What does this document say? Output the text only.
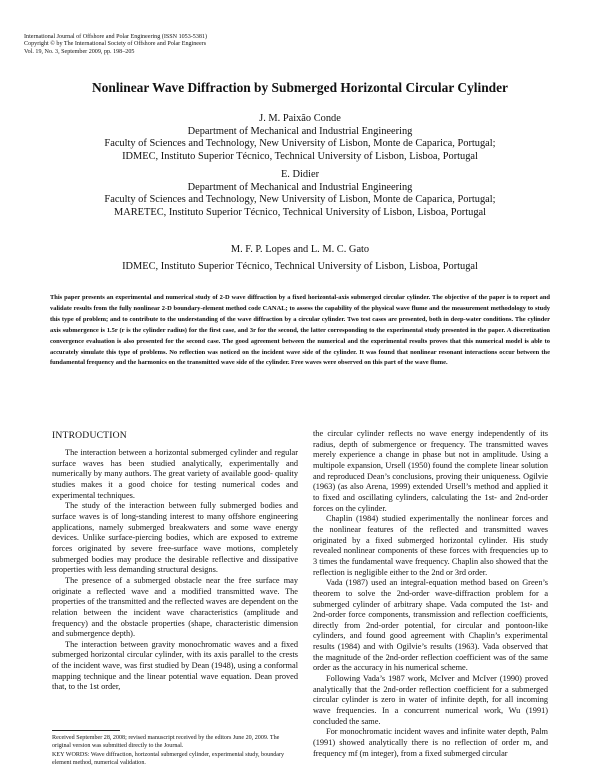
International Journal of Offshore and Polar Engineering (ISSN 1053-5381)
Copyright © by The International Society of Offshore and Polar Engineers
Vol. 19, No. 3, September 2009, pp. 198–205
Nonlinear Wave Diffraction by Submerged Horizontal Circular Cylinder
J. M. Paixão Conde
Department of Mechanical and Industrial Engineering
Faculty of Sciences and Technology, New University of Lisbon, Monte de Caparica, Portugal;
IDMEC, Instituto Superior Técnico, Technical University of Lisbon, Lisboa, Portugal
E. Didier
Department of Mechanical and Industrial Engineering
Faculty of Sciences and Technology, New University of Lisbon, Monte de Caparica, Portugal;
MARETEC, Instituto Superior Técnico, Technical University of Lisbon, Lisboa, Portugal
M. F. P. Lopes and L. M. C. Gato
IDMEC, Instituto Superior Técnico, Technical University of Lisbon, Lisboa, Portugal
This paper presents an experimental and numerical study of 2-D wave diffraction by a fixed horizontal-axis submerged circular cylinder. The objective of the paper is to report and validate results from the fully nonlinear 2-D boundary-element method code CANAL; to assess the capability of the physical wave flume and the measurement methodology to study this type of problem; and to contribute to the understanding of the wave diffraction by a circular cylinder. Two test cases are presented, both in deep-water conditions. The cylinder axis submergence is 1.5r (r is the cylinder radius) for the first case, and 3r for the second, the latter corresponding to the experimental study presented in the paper. A discretization convergence evaluation is also presented for the second case. The good agreement between the numerical and the experimental results proves that this numerical model is able to accurately simulate this type of problems. No reflection was noticed on the incident wave side of the cylinder. It was found that nonlinear resonant interactions occur between the fundamental frequency and the harmonics on the transmitted wave side of the cylinder. Free waves were observed on this part of the wave flume.
INTRODUCTION

The interaction between a horizontal submerged cylinder and regular surface waves has been studied analytically, experimentally and numerically by many authors. The great variety of available good- quality studies makes it a good choice for testing numerical codes and experimental techniques.

The study of the interaction between fully submerged bodies and surface waves is of long-standing interest to many offshore engineering applications, namely submerged breakwaters and some wave energy devices. Unlike surface-piercing bodies, which are exposed to extreme forces originated by severe free-surface wave motions, completely submerged bodies may produce the desirable reflective and dissipative properties with less demanding structural designs.

The presence of a submerged obstacle near the free surface may originate a reflected wave and a modified transmitted wave. The properties of the transmitted and the reflected waves are dependent on the relation between the incident wave characteristics (amplitude and frequency) and the obstacle properties (shape, characteristic dimension and submergence depth).

The interaction between gravity monochromatic waves and a fixed submerged horizontal circular cylinder, with its axis parallel to the crests of the incident wave, was first studied by Dean (1948), using a conformal mapping technique and the linear potential wave equation. Dean proved that, to the 1st order,

the circular cylinder reflects no wave energy independently of its radius, depth of submergence or frequency. The transmitted waves merely experience a change in phase but not in amplitude. Using a multipole expansion, Ursell (1950) found the complete linear solution and reproduced Dean’s conclusions, proving their uniqueness. Ogilvie (1963) (as also Arena, 1999) extended Ursell’s method and applied it to fixed and oscillating cylinders, calculating the 1st- and 2nd-order forces on the cylinder.

Chaplin (1984) studied experimentally the nonlinear forces and the nonlinear features of the reflected and transmitted waves originated by a fixed submerged horizontal cylinder. His study revealed nonlinear components of these forces with frequencies up to 3 times the fundamental wave frequency. Chaplin also showed that the reflection is negligible either to the 2nd or 3rd order.

Vada (1987) used an integral-equation method based on Green’s theorem to solve the 2nd-order wave-diffraction problem for a submerged cylinder of arbitrary shape. Vada computed the 1st- and 2nd-order force components, transmission and reflection coefficients, directly from 2nd-order potential, for circular and pontoon-like cylinders, and found good agreement with Chaplin’s experimental results (1984) and with Ogilvie’s results (1963). Vada observed that the magnitude of the 2nd-order reflection coefficient was of the same order as the accuracy in his numerical scheme.

Following Vada’s 1987 work, McIver and McIver (1990) proved analytically that the 2nd-order reflection coefficient for a submerged circular cylinder is zero in water of infinite depth, for all incoming wave frequencies. In a concurrent numerical work, Wu (1991) concluded the same.

For monochromatic incident waves and infinite water depth, Palm (1991) showed analytically there is no reflection of order m, and frequency mf (m integer), from a fixed submerged circular

Received September 28, 2008; revised manuscript received by the editors June 20, 2009. The original version was submitted directly to the Journal.

KEY WORDS: Wave diffraction, horizontal submerged cylinder, experimental study, boundary element method, numerical validation.
